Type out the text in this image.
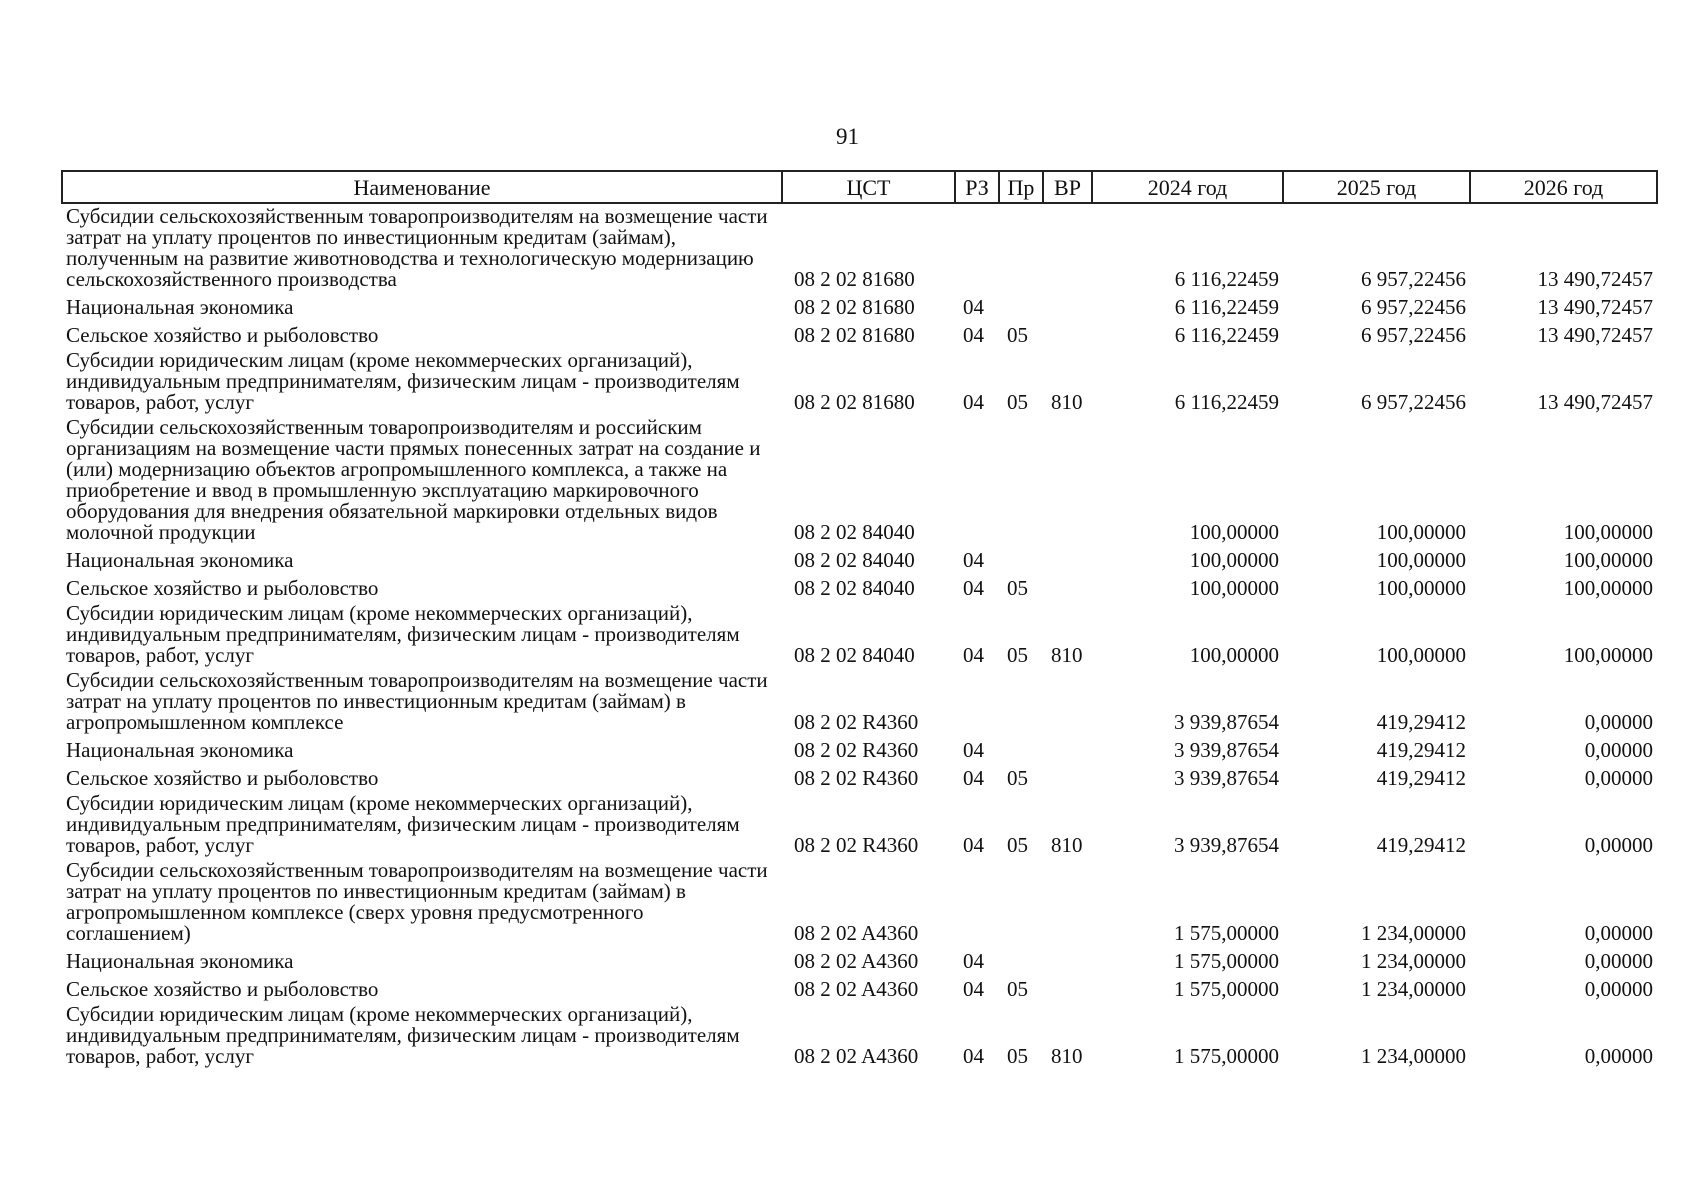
91
Наименование	ЦСТ	РЗ	Пр	ВР	2024 год	2025 год	2026 год
Субсидии сельскохозяйственным товаропроизводителям на возмещение части затрат на уплату процентов по инвестиционным кредитам (займам), полученным на развитие животноводства и технологическую модернизацию сельскохозяйственного производства	08 2 02 81680				6 116,22459	6 957,22456	13 490,72457
Национальная экономика	08 2 02 81680	04			6 116,22459	6 957,22456	13 490,72457
Сельское хозяйство и рыболовство	08 2 02 81680	04	05		6 116,22459	6 957,22456	13 490,72457
Субсидии юридическим лицам (кроме некоммерческих организаций), индивидуальным предпринимателям, физическим лицам - производителям товаров, работ, услуг	08 2 02 81680	04	05	810	6 116,22459	6 957,22456	13 490,72457
Субсидии сельскохозяйственным товаропроизводителям и российским организациям на возмещение части прямых понесенных затрат на создание и (или) модернизацию объектов агропромышленного комплекса, а также на приобретение и ввод в промышленную эксплуатацию маркировочного оборудования для внедрения обязательной маркировки отдельных видов молочной продукции	08 2 02 84040				100,00000	100,00000	100,00000
Национальная экономика	08 2 02 84040	04			100,00000	100,00000	100,00000
Сельское хозяйство и рыболовство	08 2 02 84040	04	05		100,00000	100,00000	100,00000
Субсидии юридическим лицам (кроме некоммерческих организаций), индивидуальным предпринимателям, физическим лицам - производителям товаров, работ, услуг	08 2 02 84040	04	05	810	100,00000	100,00000	100,00000
Субсидии сельскохозяйственным товаропроизводителям на возмещение части затрат на уплату процентов по инвестиционным кредитам (займам) в агропромышленном комплексе	08 2 02 R4360				3 939,87654	419,29412	0,00000
Национальная экономика	08 2 02 R4360	04			3 939,87654	419,29412	0,00000
Сельское хозяйство и рыболовство	08 2 02 R4360	04	05		3 939,87654	419,29412	0,00000
Субсидии юридическим лицам (кроме некоммерческих организаций), индивидуальным предпринимателям, физическим лицам - производителям товаров, работ, услуг	08 2 02 R4360	04	05	810	3 939,87654	419,29412	0,00000
Субсидии сельскохозяйственным товаропроизводителям на возмещение части затрат на уплату процентов по инвестиционным кредитам (займам) в агропромышленном комплексе (сверх уровня предусмотренного соглашением)	08 2 02 A4360				1 575,00000	1 234,00000	0,00000
Национальная экономика	08 2 02 A4360	04			1 575,00000	1 234,00000	0,00000
Сельское хозяйство и рыболовство	08 2 02 A4360	04	05		1 575,00000	1 234,00000	0,00000
Субсидии юридическим лицам (кроме некоммерческих организаций), индивидуальным предпринимателям, физическим лицам - производителям товаров, работ, услуг	08 2 02 A4360	04	05	810	1 575,00000	1 234,00000	0,00000
